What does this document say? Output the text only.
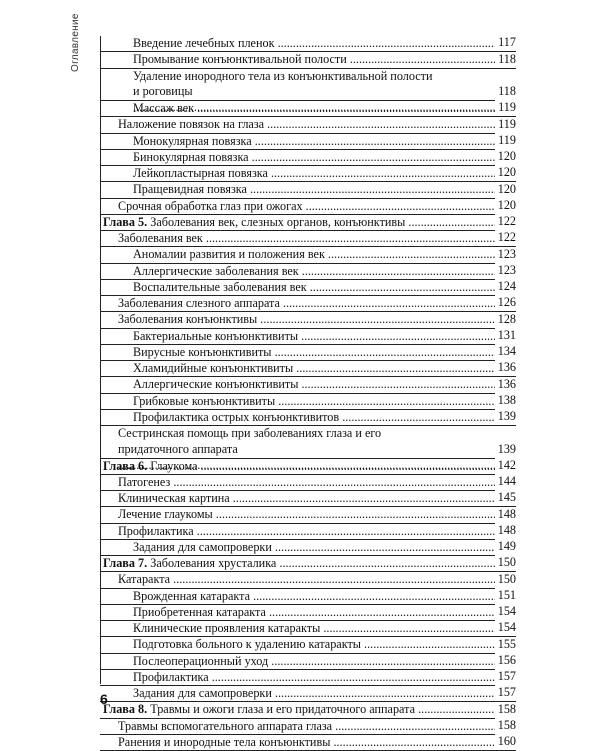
Оглавление	Введение лечебных пленок .....	117
Промывание конъюнктивальной полости .....	118
Удаление инородного тела из конъюнктивальной полости
и роговицы
.....	118
Массаж век .....	119
Наложение повязок на глаза .....	119
Монокулярная повязка .....	119
Бинокулярная повязка .....	120
Лейкопластырная повязка .....	120
Пращевидная повязка .....	120
Срочная обработка глаз при ожогах .....	120
Глава 5. Заболевания век, слезных органов, конъюнктивы .....	122
Заболевания век .....	122
Аномалии развития и положения век .....	123
Аллергические заболевания век .....	123
Воспалительные заболевания век .....	124
Заболевания слезного аппарата .....	126
Заболевания конъюнктивы .....	128
Бактериальные конъюнктивиты .....	131
Вирусные конъюнктивиты .....	134
Хламидийные конъюнктивиты .....	136
Аллергические конъюнктивиты .....	136
Грибковые конъюнктивиты .....	138
Профилактика острых конъюнктивитов .....	139
Сестринская помощь при заболеваниях глаза и его
придаточного аппарата
.....	139
Глава 6. Глаукома .....	142
Патогенез .....	144
Клиническая картина .....	145
Лечение глаукомы .....	148
Профилактика .....	148
Задания для самопроверки .....	149
Глава 7. Заболевания хрусталика .....	150
Катаракта .....	150
Врожденная катаракта .....	151
Приобретенная катаракта .....	154
Клинические проявления катаракты .....	154
Подготовка больного к удалению катаракты .....	155
Послеоперационный уход .....	156
Профилактика .....	157
Задания для самопроверки .....	157
Глава 8. Травмы и ожоги глаза и его придаточного аппарата .....	158
Травмы вспомогательного аппарата глаза .....	158
Ранения и инородные тела конъюнктивы .....	160
6
